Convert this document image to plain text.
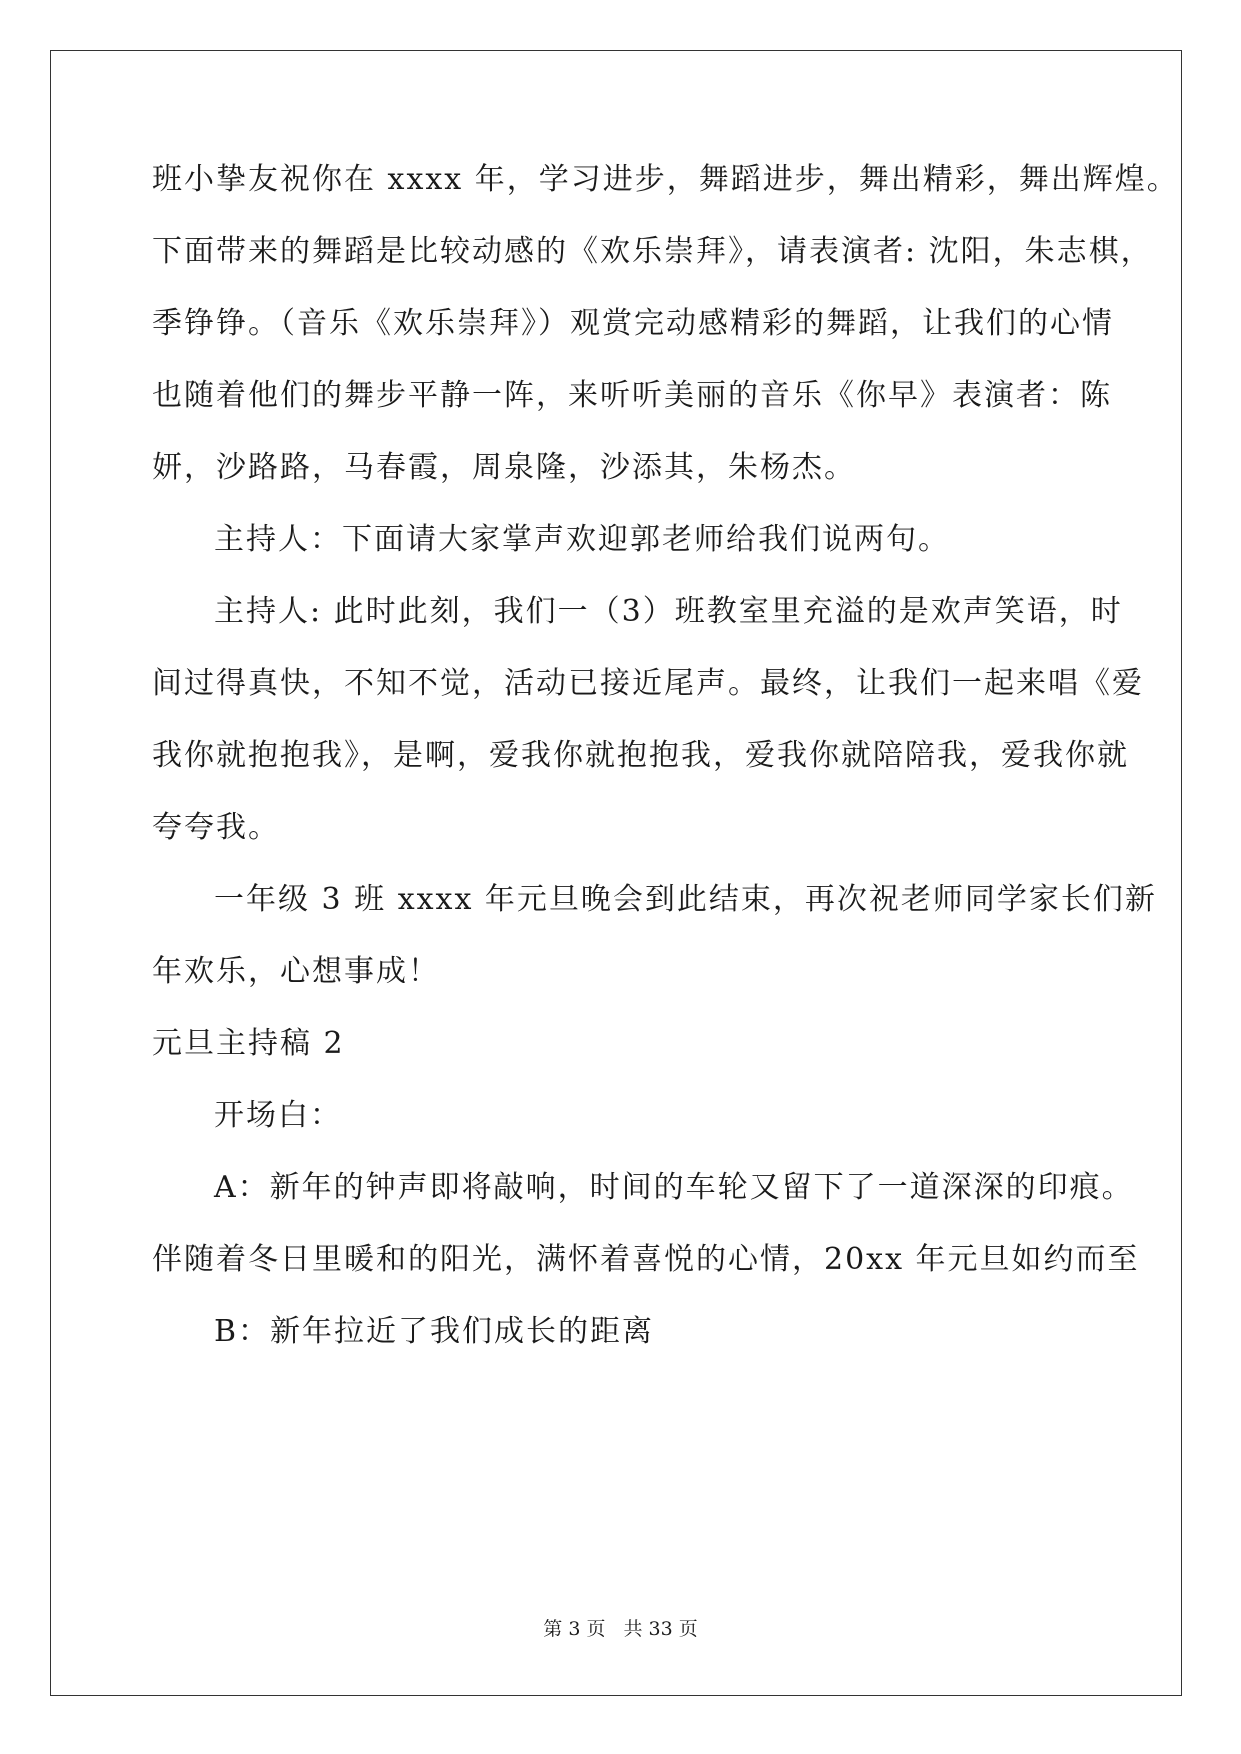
班小挚友祝你在 xxxx 年，学习进步，舞蹈进步，舞出精彩，舞出辉煌。
下面带来的舞蹈是比较动感的《欢乐崇拜》，请表演者: 沈阳，朱志棋，
季铮铮。（音乐《欢乐崇拜》）观赏完动感精彩的舞蹈，让我们的心情
也随着他们的舞步平静一阵，来听听美丽的音乐《你早》表演者：陈
妍，沙路路，马春霞，周泉隆，沙添其，朱杨杰。
主持人：下面请大家掌声欢迎郭老师给我们说两句。
主持人: 此时此刻，我们一（3）班教室里充溢的是欢声笑语，时
间过得真快，不知不觉，活动已接近尾声。最终，让我们一起来唱《爱
我你就抱抱我》，是啊，爱我你就抱抱我，爱我你就陪陪我，爱我你就
夸夸我。
一年级 3 班 xxxx 年元旦晚会到此结束，再次祝老师同学家长们新
年欢乐，心想事成！
元旦主持稿 2
开场白：
A：新年的钟声即将敲响，时间的车轮又留下了一道深深的印痕。
伴随着冬日里暖和的阳光，满怀着喜悦的心情，20xx 年元旦如约而至
B：新年拉近了我们成长的距离
第 3 页 共 33 页
